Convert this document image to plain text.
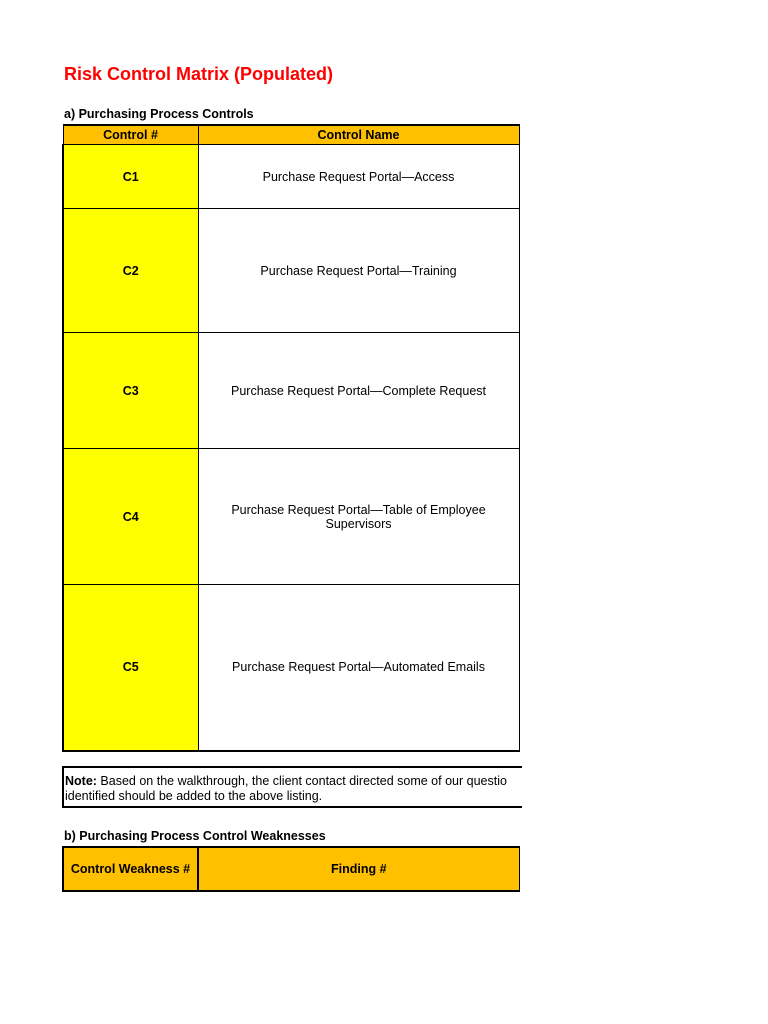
Risk Control Matrix (Populated)
a) Purchasing Process Controls
Control #	Control Name
C1	Purchase Request Portal—Access
C2	Purchase Request Portal—Training
C3	Purchase Request Portal—Complete Request
C4	Purchase Request Portal—Table of Employee Supervisors
C5	Purchase Request Portal—Automated Emails
Note: Based on the walkthrough, the client contact directed some of our questio
identified should be added to the above listing.
b) Purchasing Process Control Weaknesses
Control Weakness #	Finding #
